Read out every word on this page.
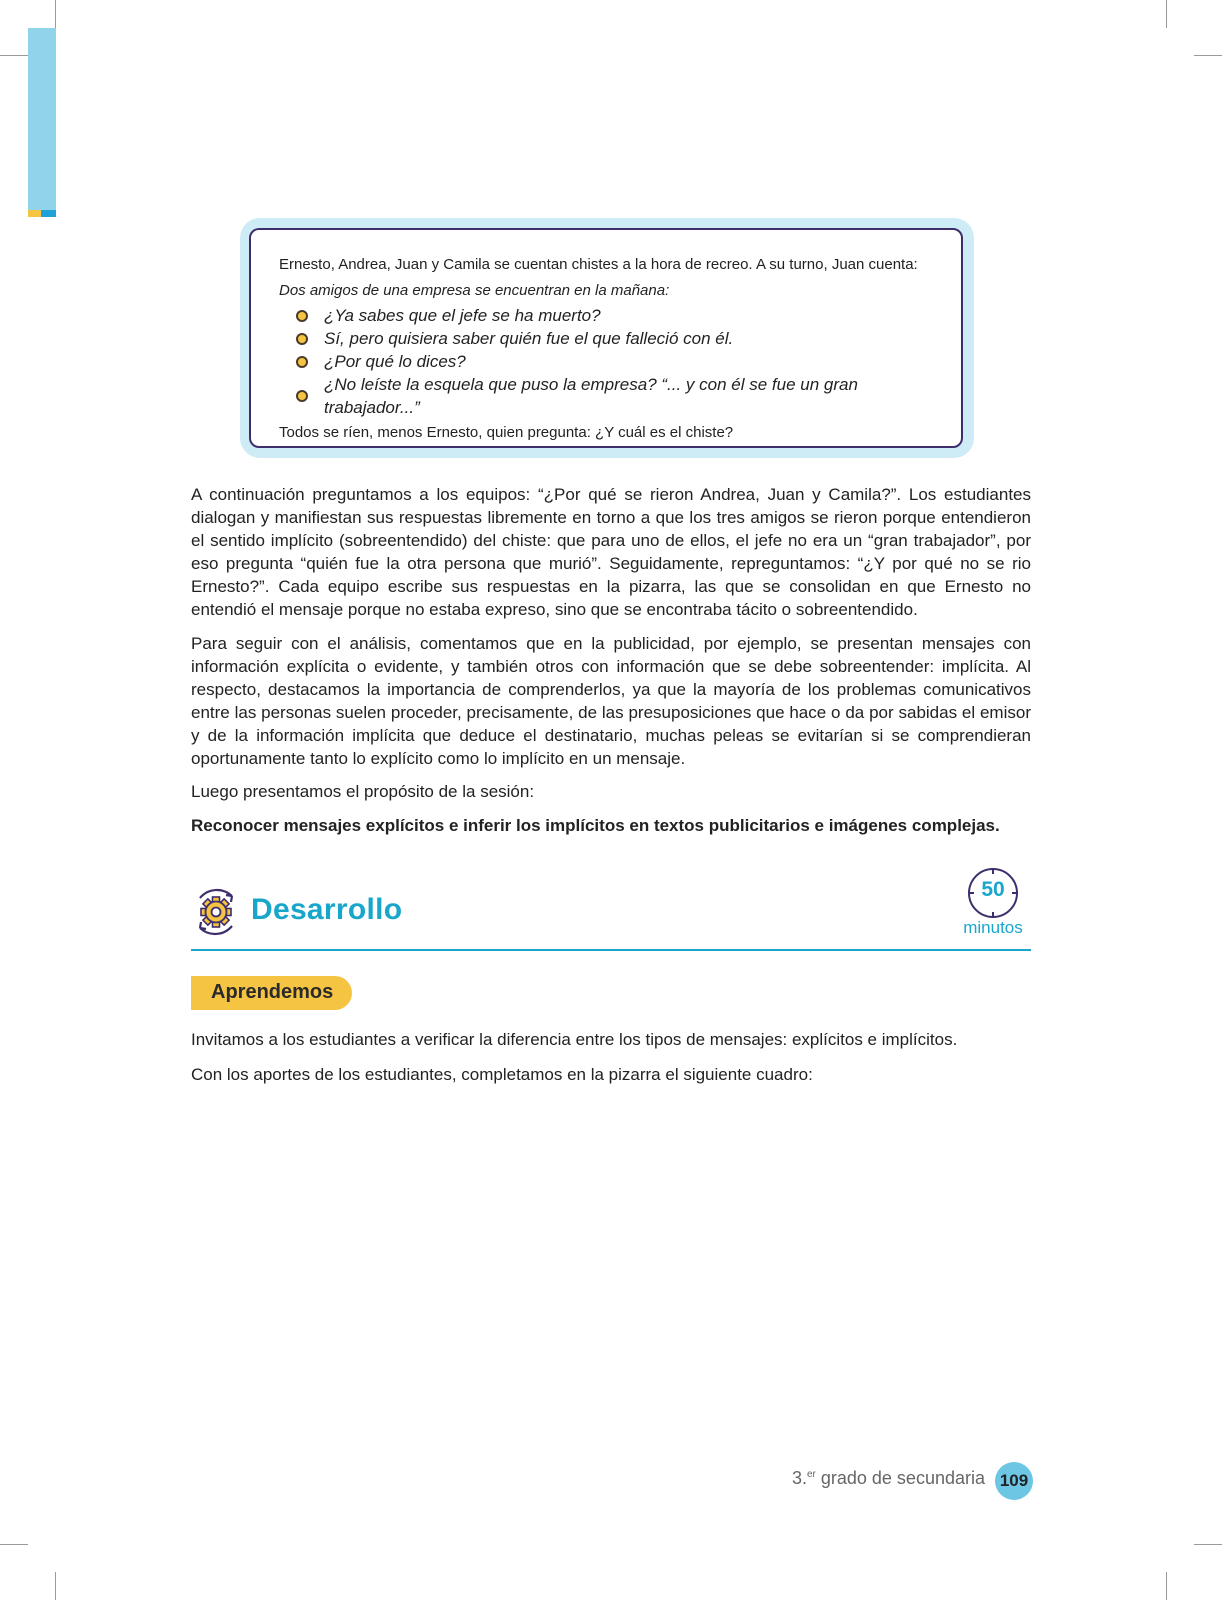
Ernesto, Andrea, Juan y Camila se cuentan chistes a la hora de recreo. A su turno, Juan cuenta:

Dos amigos de una empresa se encuentran en la mañana:

¿Ya sabes que el jefe se ha muerto?
Sí, pero quisiera saber quién fue el que falleció con él.
¿Por qué lo dices?
¿No leíste la esquela que puso la empresa? “... y con él se fue un gran trabajador...”

Todos se ríen, menos Ernesto, quien pregunta: ¿Y cuál es el chiste?

A continuación preguntamos a los equipos: “¿Por qué se rieron Andrea, Juan y Camila?”. Los estudiantes dialogan y manifiestan sus respuestas libremente en torno a que los tres amigos se rieron porque entendieron el sentido implícito (sobreentendido) del chiste: que para uno de ellos, el jefe no era un “gran trabajador”, por eso pregunta “quién fue la otra persona que murió”. Seguidamente, repreguntamos: “¿Y por qué no se rio Ernesto?”. Cada equipo escribe sus respuestas en la pizarra, las que se consolidan en que Ernesto no entendió el mensaje porque no estaba expreso, sino que se encontraba tácito o sobreentendido.

Para seguir con el análisis, comentamos que en la publicidad, por ejemplo, se presentan mensajes con información explícita o evidente, y también otros con información que se debe sobreentender: implícita. Al respecto, destacamos la importancia de comprenderlos, ya que la mayoría de los problemas comunicativos entre las personas suelen proceder, precisamente, de las presuposiciones que hace o da por sabidas el emisor y de la información implícita que deduce el destinatario, muchas peleas se evitarían si se comprendieran oportunamente tanto lo explícito como lo implícito en un mensaje.

Luego presentamos el propósito de la sesión:

Reconocer mensajes explícitos e inferir los implícitos en textos publicitarios e imágenes complejas.

Desarrollo
50
minutos
Aprendemos

Invitamos a los estudiantes a verificar la diferencia entre los tipos de mensajes: explícitos e implícitos.

Con los aportes de los estudiantes, completamos en la pizarra el siguiente cuadro:

3.$^{er}$ grado de secundaria 109
